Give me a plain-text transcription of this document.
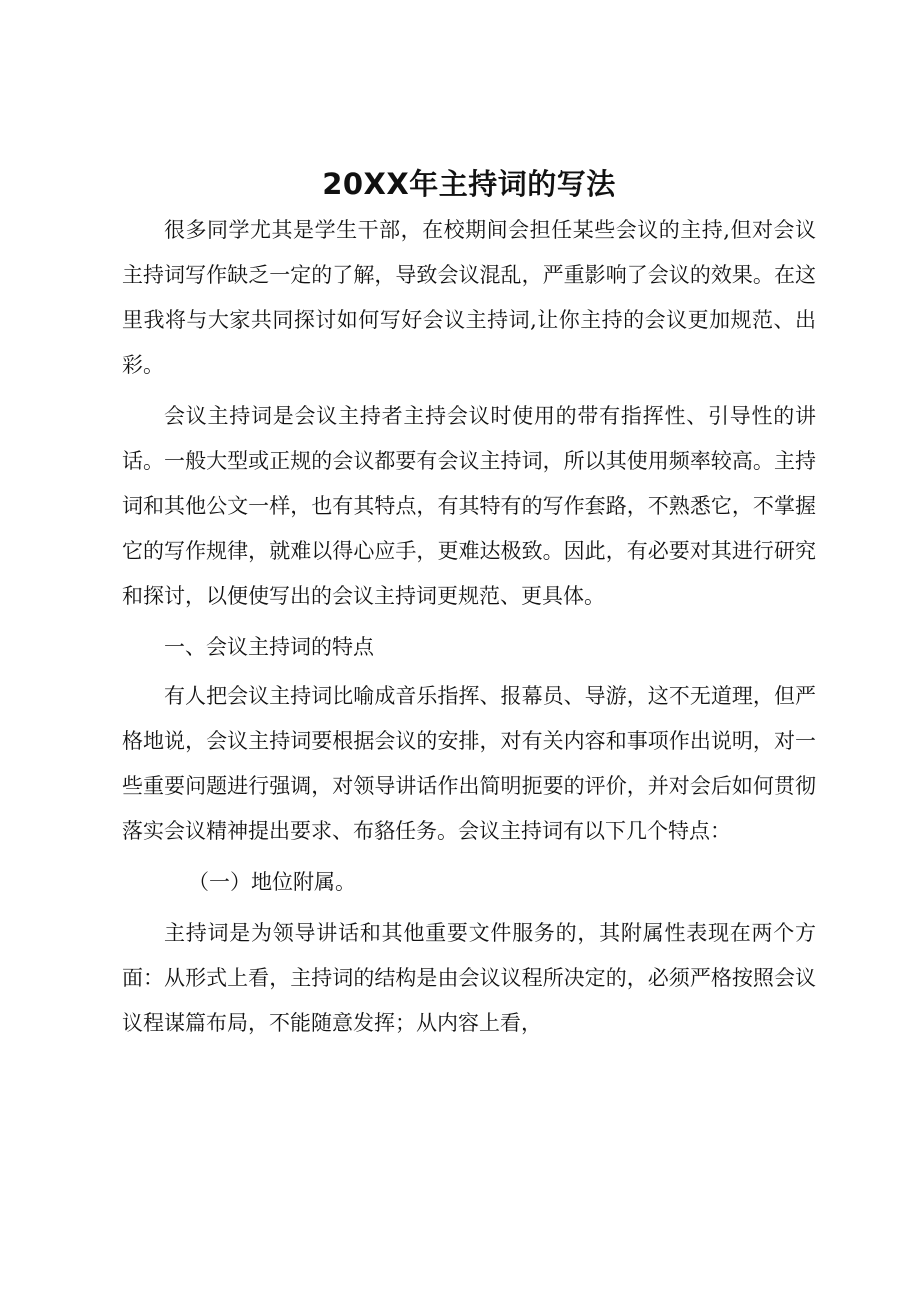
20XX年主持词的写法

很多同学尤其是学生干部，在校期间会担任某些会议的主持,但对会议主持词写作缺乏一定的了解，导致会议混乱，严重影响了会议的效果。在这里我将与大家共同探讨如何写好会议主持词,让你主持的会议更加规范、出彩。

会议主持词是会议主持者主持会议时使用的带有指挥性、引导性的讲话。一般大型或正规的会议都要有会议主持词，所以其使用频率较高。主持词和其他公文一样，也有其特点，有其特有的写作套路，不熟悉它，不掌握它的写作规律，就难以得心应手，更难达极致。因此，有必要对其进行研究和探讨，以便使写出的会议主持词更规范、更具体。

一、会议主持词的特点

有人把会议主持词比喻成音乐指挥、报幕员、导游，这不无道理，但严格地说，会议主持词要根据会议的安排，对有关内容和事项作出说明，对一些重要问题进行强调，对领导讲话作出简明扼要的评价，并对会后如何贯彻落实会议精神提出要求、布貉任务。会议主持词有以下几个特点：

（一）地位附属。

主持词是为领导讲话和其他重要文件服务的，其附属性表现在两个方面：从形式上看，主持词的结构是由会议议程所决定的，必须严格按照会议议程谋篇布局，不能随意发挥；从内容上看，
